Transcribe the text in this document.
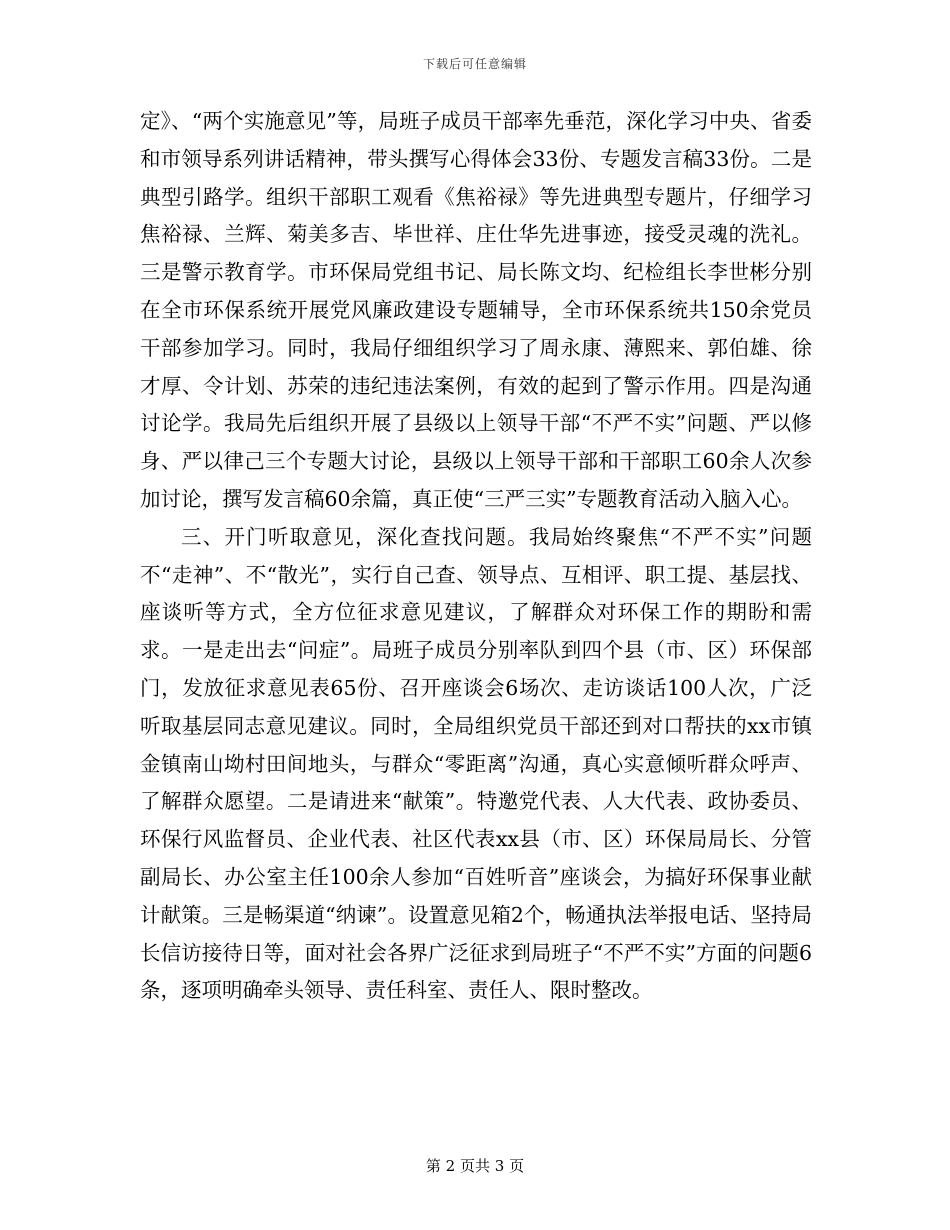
下载后可任意编辑

定》、“两个实施意见”等，局班子成员干部率先垂范，深化学习中央、省委和市领导系列讲话精神，带头撰写心得体会33份、专题发言稿33份。二是典型引路学。组织干部职工观看《焦裕禄》等先进典型专题片，仔细学习焦裕禄、兰辉、菊美多吉、毕世祥、庄仕华先进事迹，接受灵魂的洗礼。三是警示教育学。市环保局党组书记、局长陈文均、纪检组长李世彬分别在全市环保系统开展党风廉政建设专题辅导，全市环保系统共150余党员干部参加学习。同时，我局仔细组织学习了周永康、薄熙来、郭伯雄、徐才厚、令计划、苏荣的违纪违法案例，有效的起到了警示作用。四是沟通讨论学。我局先后组织开展了县级以上领导干部“不严不实”问题、严以修身、严以律己三个专题大讨论，县级以上领导干部和干部职工60余人次参加讨论，撰写发言稿60余篇，真正使“三严三实”专题教育活动入脑入心。

三、开门听取意见，深化查找问题。我局始终聚焦“不严不实”问题不“走神”、不“散光”，实行自己查、领导点、互相评、职工提、基层找、座谈听等方式，全方位征求意见建议，了解群众对环保工作的期盼和需求。一是走出去“问症”。局班子成员分别率队到四个县（市、区）环保部门，发放征求意见表65份、召开座谈会6场次、走访谈话100人次，广泛听取基层同志意见建议。同时，全局组织党员干部还到对口帮扶的xx市镇金镇南山坳村田间地头，与群众“零距离”沟通，真心实意倾听群众呼声、了解群众愿望。二是请进来“献策”。特邀党代表、人大代表、政协委员、环保行风监督员、企业代表、社区代表xx县（市、区）环保局局长、分管副局长、办公室主任100余人参加“百姓听音”座谈会，为搞好环保事业献计献策。三是畅渠道“纳谏”。设置意见箱2个，畅通执法举报电话、坚持局长信访接待日等，面对社会各界广泛征求到局班子“不严不实”方面的问题6条，逐项明确牵头领导、责任科室、责任人、限时整改。

第 2 页共 3 页
